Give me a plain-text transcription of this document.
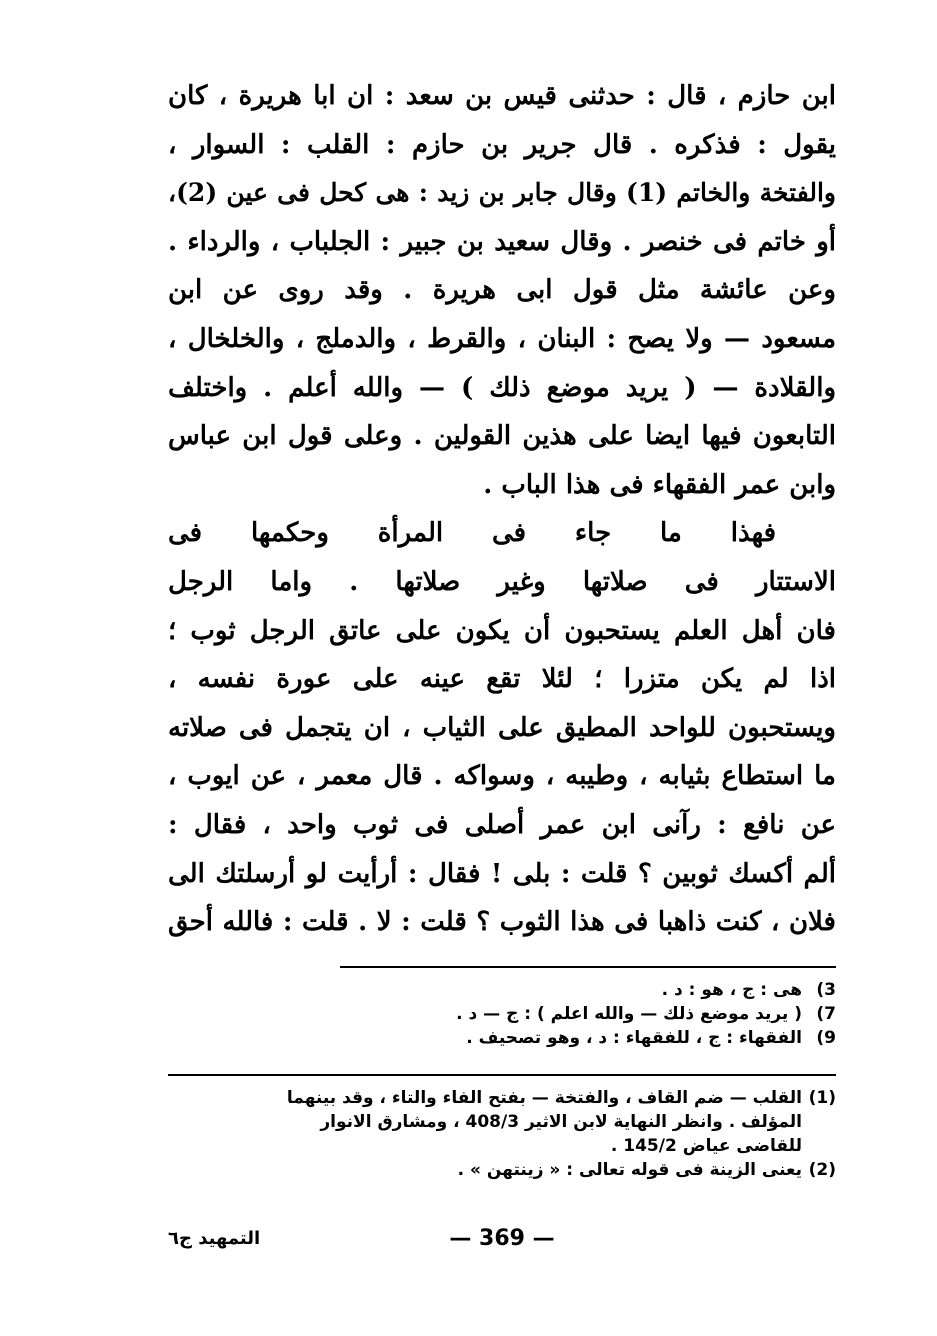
ابن حازم ، قال : حدثنى قيس بن سعد : ان ابا هريرة ، كان
يقول : فذكره . قال جرير بن حازم : القلب : السوار ،
والفتخة والخاتم (1) وقال جابر بن زيد : هى كحل فى عين (2)،
أو خاتم فى خنصر . وقال سعيد بن جبير : الجلباب ، والرداء .
وعن عائشة مثل قول ابى هريرة . وقد روى عن ابن
مسعود — ولا يصح : البنان ، والقرط ، والدملج ، والخلخال ،
والقلادة — ( يريد موضع ذلك ) — والله أعلم . واختلف
التابعون فيها ايضا على هذين القولين . وعلى قول ابن عباس
وابن عمر الفقهاء فى هذا الباب .
فهذا ما جاء فى المرأة وحكمها فى
الاستتار فى صلاتها وغير صلاتها . واما الرجل
فان أهل العلم يستحبون أن يكون على عاتق الرجل ثوب ؛
اذا لم يكن متزرا ؛ لئلا تقع عينه على عورة نفسه ،
ويستحبون للواحد المطيق على الثياب ، ان يتجمل فى صلاته
ما استطاع بثيابه ، وطيبه ، وسواكه . قال معمر ، عن ايوب ،
عن نافع : رآنى ابن عمر أصلى فى ثوب واحد ، فقال :
ألم أكسك ثوبين ؟ قلت : بلى ! فقال : أرأيت لو أرسلتك الى
فلان ، كنت ذاهبا فى هذا الثوب ؟ قلت : لا . قلت : فالله أحق
3)
هى : ج ، هو : د .
7)
( يريد موضع ذلك — والله اعلم ) : ج — د .
9)
الفقهاء : ج ، للفقهاء : د ، وهو تصحيف .
(1)
القلب — ضم القاف ، والفتخة — بفتح الفاء والتاء ، وقد بينهما
المؤلف . وانظر النهاية لابن الاثير 408/3 ، ومشارق الانوار
للقاضى عياض 145/2 .
(2)
يعنى الزينة فى قوله تعالى : « زينتهن » .
— 369 —
التمهيد ج٦
